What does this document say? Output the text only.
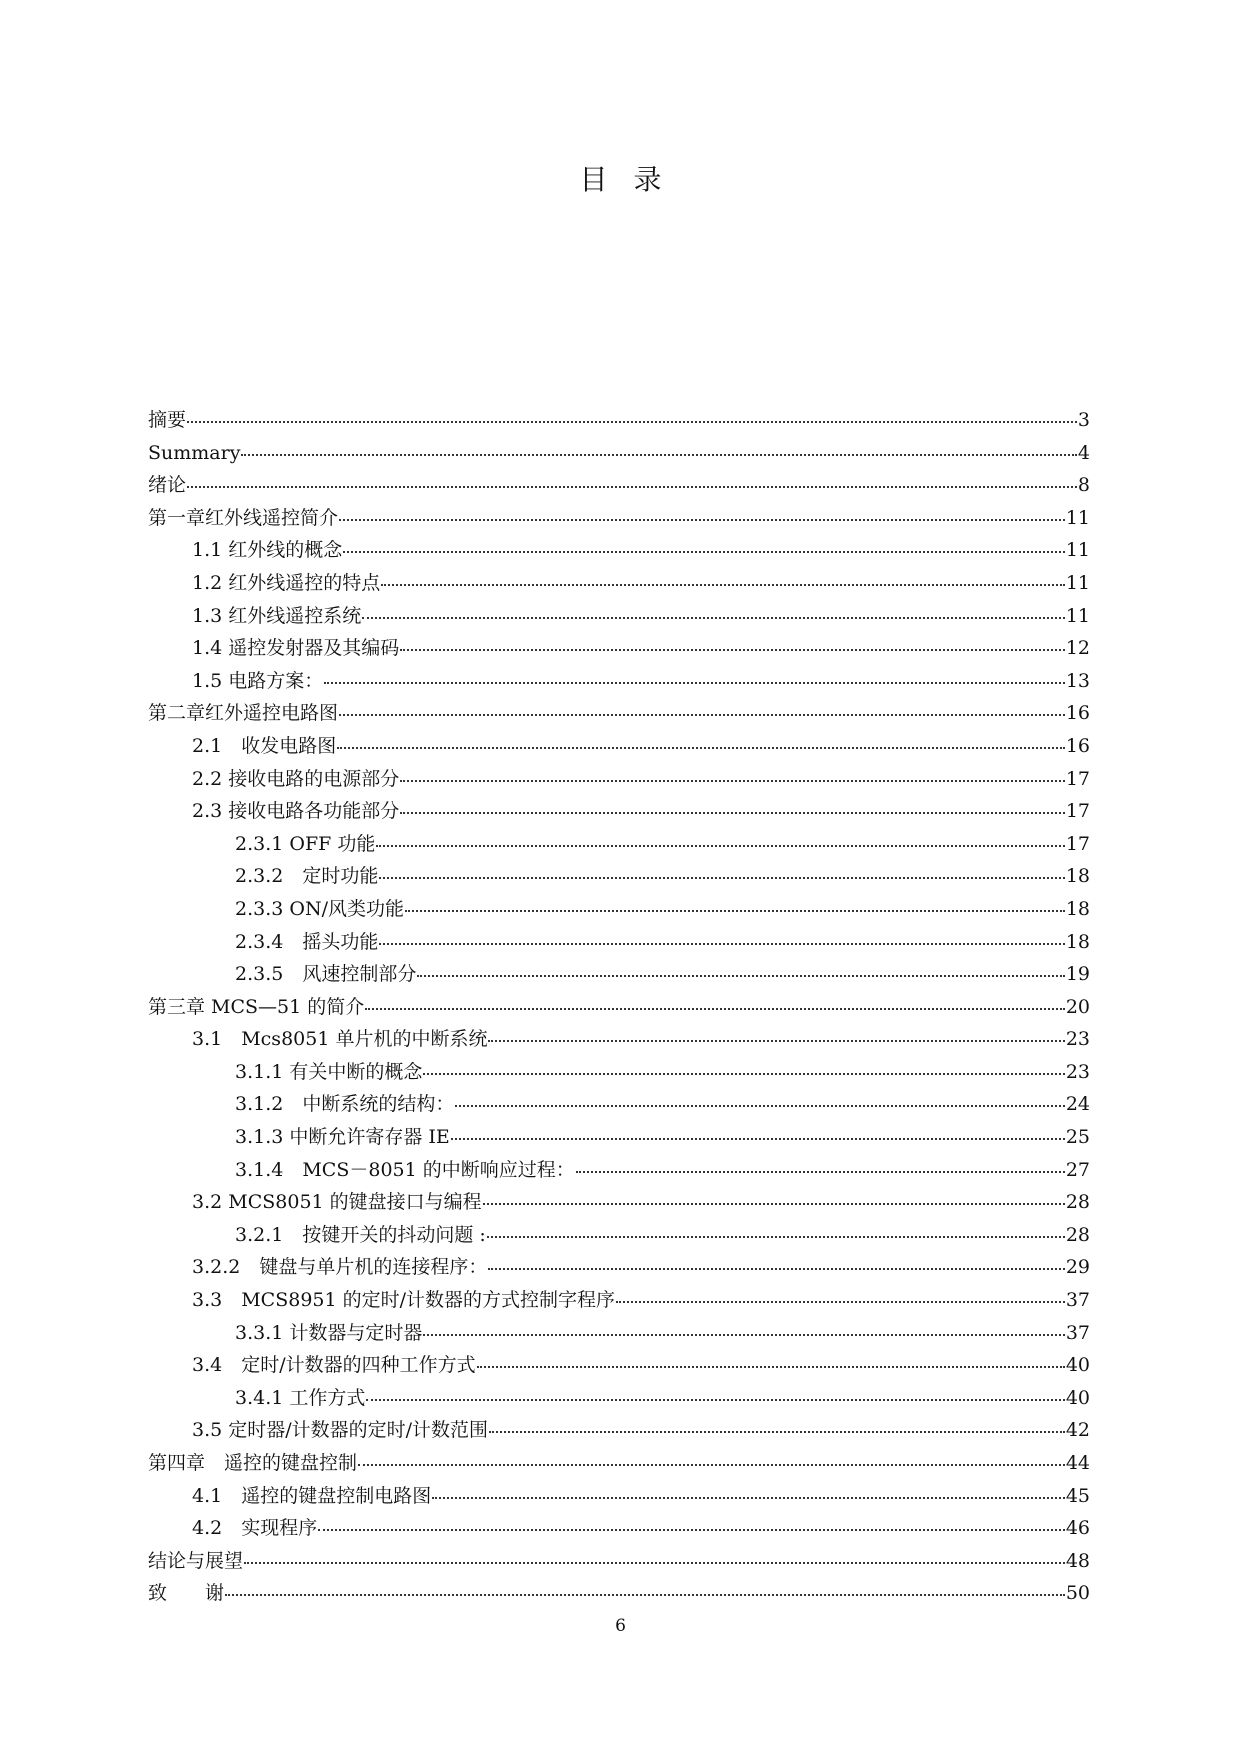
目 录
摘要	3
Summary	4
绪论	8
第一章红外线遥控简介	11
1.1 红外线的概念	11
1.2 红外线遥控的特点	11
1.3 红外线遥控系统	11
1.4 遥控发射器及其编码	12
1.5 电路方案：	13
第二章红外遥控电路图	16
2.1　收发电路图	16
2.2 接收电路的电源部分	17
2.3 接收电路各功能部分	17
2.3.1 OFF 功能	17
2.3.2　定时功能	18
2.3.3 ON/风类功能	18
2.3.4　摇头功能	18
2.3.5　风速控制部分	19
第三章 MCS—51 的简介	20
3.1　Mcs8051 单片机的中断系统	23
3.1.1 有关中断的概念	23
3.1.2　中断系统的结构：	24
3.1.3 中断允许寄存器 IE	25
3.1.4　MCS－8051 的中断响应过程：	27
3.2 MCS8051 的键盘接口与编程	28
3.2.1　按键开关的抖动问题 :	28
3.2.2　键盘与单片机的连接程序：	29
3.3　MCS8951 的定时/计数器的方式控制字程序	37
3.3.1 计数器与定时器	37
3.4　定时/计数器的四种工作方式	40
3.4.1 工作方式	40
3.5 定时器/计数器的定时/计数范围	42
第四章　遥控的键盘控制	44
4.1　遥控的键盘控制电路图	45
4.2　实现程序	46
结论与展望	48
致　　谢	50
6
